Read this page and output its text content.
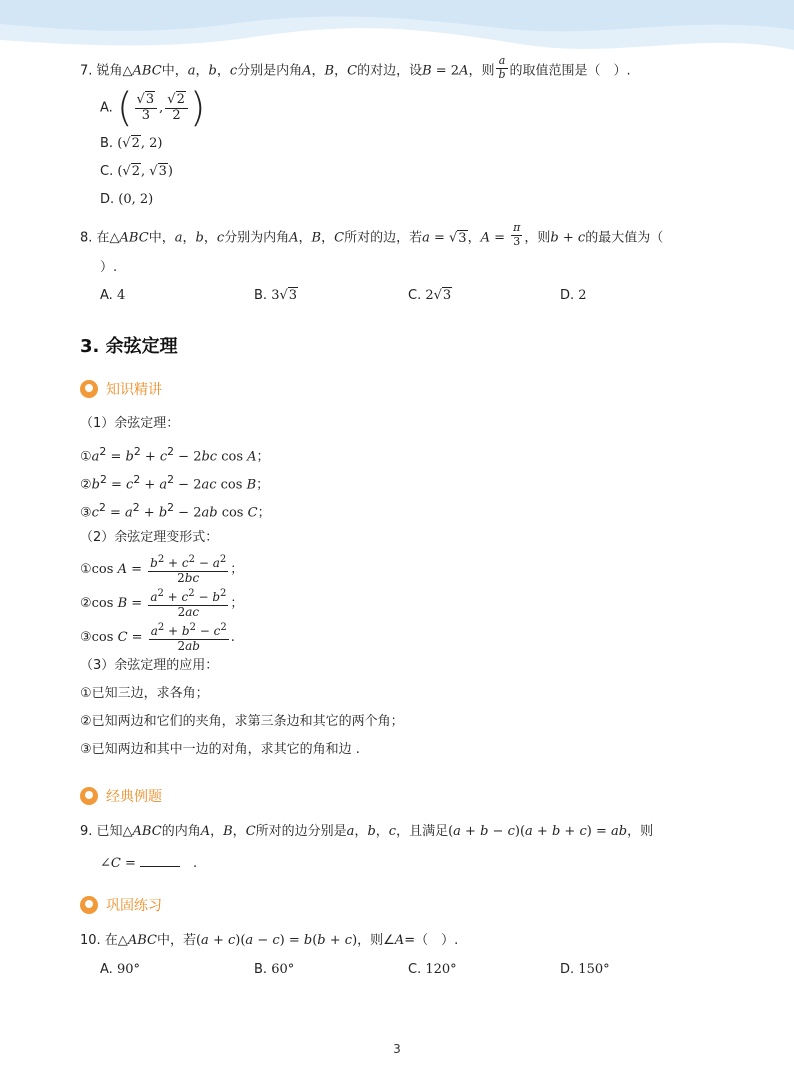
7. 锐角△ABC中，a，b，c分别是内角A，B，C的对边，设B = 2A，则 $\frac{a}{b}$ 的取值范围是（　）.
A. ( $\frac{√3}{3}$ , $\frac{√2}{2}$ )
B. (√2, 2)
C. (√2, √3)
D. (0, 2)
8. 在△ABC中，a，b，c分别为内角A，B，C所对的边，若a = √3，$A = \frac{\pi}{3}$ ，则b + c的最大值为（
）.
A. 4	B. 3√3	C. 2√3	D. 2
3. 余弦定理
知识精讲
（1）余弦定理：
$①a^2 = b^2 + c^2 - 2bc$ cos A；
$②b^2 = c^2 + a^2 - 2ac$ cos B；
$③c^2 = a^2 + b^2 - 2ab$ cos C；
（2）余弦定理变形式：
①cos $A = \frac{b^2 + c^2 - a^2}{2bc}$ ；
②cos $B = \frac{a^2 + c^2 - b^2}{2ac}$ ；
③cos $C = \frac{a^2 + b^2 - c^2}{2ab}$ .
（3）余弦定理的应用：
①已知三边，求各角；
②已知两边和它们的夹角，求第三条边和其它的两个角；
③已知两边和其中一边的对角，求其它的角和边 .
经典例题
9. 已知△ABC的内角A，B，C所对的边分别是a，b，c，且满足(a + b − c)(a + b + c) = ab，则
∠C = 　	.
巩固练习
10. 在△ABC中，若(a + c)(a − c) = b(b + c)，则∠A=（　）.
A. 90°	B. 60°	C. 120°	D. 150°
3
